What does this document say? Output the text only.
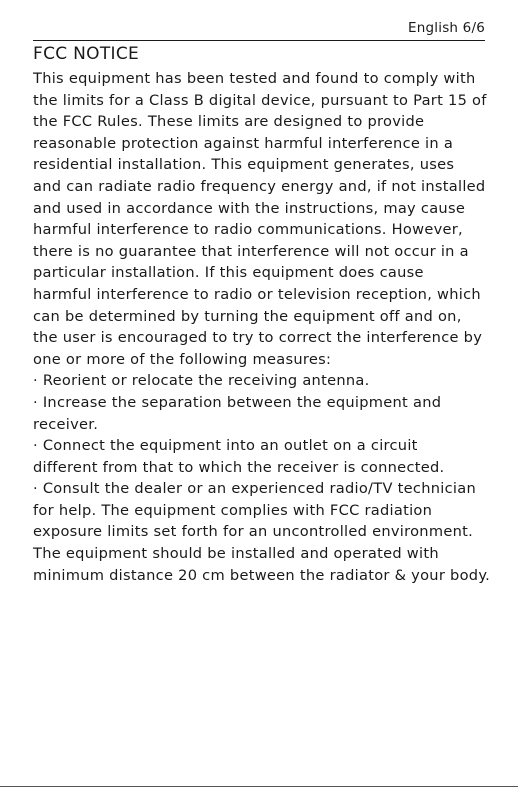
English 6/6
FCC NOTICE
This equipment has been tested and found to comply with
the limits for a Class B digital device, pursuant to Part 15 of
the FCC Rules. These limits are designed to provide
reasonable protection against harmful interference in a
residential installation. This equipment generates, uses
and can radiate radio frequency energy and, if not installed
and used in accordance with the instructions, may cause
harmful interference to radio communications. However,
there is no guarantee that interference will not occur in a
particular installation. If this equipment does cause
harmful interference to radio or television reception, which
can be determined by turning the equipment off and on,
the user is encouraged to try to correct the interference by
one or more of the following measures:
· Reorient or relocate the receiving antenna.
· Increase the separation between the equipment and
receiver.
· Connect the equipment into an outlet on a circuit
different from that to which the receiver is connected.
· Consult the dealer or an experienced radio/TV technician
for help. The equipment complies with FCC radiation
exposure limits set forth for an uncontrolled environment.
The equipment should be installed and operated with
minimum distance 20 cm between the radiator & your body.
